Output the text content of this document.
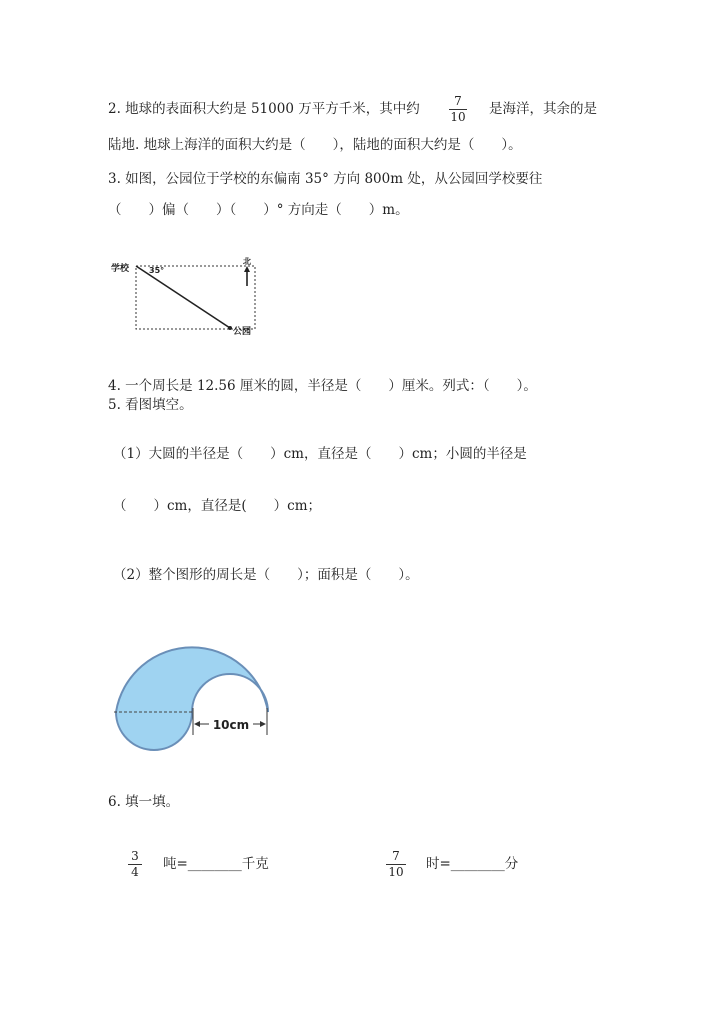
2. 地球的表面积大约是 51000 万平方千米，其中约	7
10 是海洋，其余的是
陆地. 地球上海洋的面积大约是（　　），陆地的面积大约是（　　）。
3. 如图，公园位于学校的东偏南 35° 方向 800m 处，从公园回学校要往
（　　）偏（　　）（　　）° 方向走（　　）m。
学校 35°
北
公园
4. 一个周长是 12.56 厘米的圆，半径是（　　）厘米。列式：（　　）。
5. 看图填空。
（1）大圆的半径是（　　）cm，直径是（　　）cm；小圆的半径是
（　　）cm，直径是(　　）cm；
（2）整个图形的周长是（　　）；面积是（　　）。
10cm
6. 填一填。
3
4 吨=________千克	7
10 时=________分
